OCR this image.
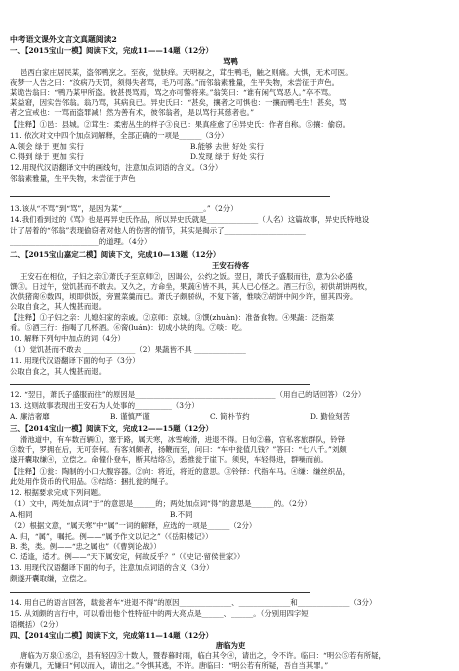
中考语文课外文言文真题阅读2
一、【2015宝山一模】阅读下文，完成11——14题（12分）
骂鸭
邑西白家庄居民某，盗邻鸭烹之。至夜，觉肤痒。天明视之，茸生鸭毛，触之则痛。大惧，无术可医。
夜梦一人告之曰：“汝病乃天罚，须得失者骂，毛乃可落。”而邻翁素雅量，生平失物，未尝征于声色。
某诡告翁曰：“鸭乃某甲所盗。彼甚畏骂焉，骂之亦可警将来。”翁笑曰：“谁有闲气骂恶人。”卒不骂。
某益窘，因实告邻翁。翁乃骂，其病良已。异史氏曰：“甚矣，攘者之可惧也：一攘而鸭毛生！甚矣，骂
者之宜戒也：一骂而盗罪减！然为善有术，彼邻翁者，是以骂行其慈者也。”
【注释】①邑：县城。②茸生：柔密丛生的样子③良已：果真痊愈了④异史氏：作者自称。⑤攘：偷窃。
11. 依次对文中四个加点词解释，全部正确的一项是______（3分）
A.领会 绿于 更加 实行	B.能够 去世 好处 实行
C.得到 绿于 更加 实行	D.发现 绿于 好处 实行
12.用现代汉语翻译文中的画线句，注意加点词语的含义。（3分）
邻翁素雅量，生平失物，未尝征于声色
13.该从“不骂”到“骂”，是因为某“______________________。”（2分）
14.我们看到过的《骂》也是再异史氏作品，所以异史氏就是______________（人名）这篇故事，异史氏特地设
计了居着的“邻翁”表现偷窃者对他人的伤害的情节，其实是揭示了______________________
________________________的道理。（4分）
二、【2015宝山嘉定二模】阅读下文，完成10—13题（12分）
王安石待客
王安石在相位，子妇之亲①萧氏子至京师②，因谒公，公约之饭。翌日，萧氏子盛服而往，意为公必盛
馔③。日过午，觉饥甚而不敢去。又久之，方命坐，果蔬④皆不具，其人已心怪之。酒三行⑤，初供胡饼两枚，
次供猪脔⑥数四，顷即供饭，旁置菜羹而已。萧氏子颇骄纵，不复下箸，惟啖⑦胡饼中间少许，留其四旁。
公取自食之，其人愧甚而退。
【注释】①子妇之亲：儿媳妇家的亲戚。②京师：京城。③馔(zhuàn)：准备食物。④果蔬：泛指菜
肴。⑤酒三行：指喝了几杯酒。⑥脔(luán)：切成小块的肉。⑦啖：吃。
10. 解释下列句中加点的词（4分）
（1）觉饥甚而不敢去 ______________（2）果蔬皆不具 ______________
11. 用现代汉语翻译下面的句子（3分）
公取自食之，其人愧甚而退。
12. “翌日，萧氏子盛服而往”的原因是______________________________________（用自己的话回答）（2分）
13. 这则故事表现出王安石为人处事的__________（3分）
A. 廉洁奢靡	B. 谨慎严谨	C. 简朴节约	D. 勤俭刻苦
三、【2014宝山一模】阅读下文，完成12——15题（12分）
滑池道中，有车数百辆①，塞于路，属天寒，冰雪峻滑，进退不得。日旬②暮，官私客旅群队，铃铎
③数千，罗拥在后，无可奈何。有客刘颇者，扬鞭而至，问曰：“车中瓮值几钱？”答曰：“七八千。”刘颇
遂开囊取缣④，立偿之。命僮仆登车，断其结络⑤，悉推瓮于崖下。须臾，车轻得进，群噪而前。
【注释】①瓮：陶制的小口大腹容器。②向：将近，将近的意思。③铃铎：代指车马。④缣：缣丝织品，
此处用作货币的代用品。⑤结络：捆扎瓮的绳子。
12. 根据要求完成下列问题。
（1）文中，两处加点词“于”的意思是______的；两处加点词“得”的意思是______的。（2分）
A.相同	B.不同
（2）根据文意，“属天寒”中“属”一词的解释，应选的一项是______（2分）
A. 归，“属”，嘱托。例——“属予作文以记之”（《岳阳楼记》）
B. 类，类。例——“忠之属也”（《曹刿论战》）
C. 适逢，适才。例——“天下属安定，何故反乎？”（《史记·留侯世家》）
13. 用现代汉语翻译下面的句子，注意加点词语的含义（3分）
颇遂开囊取缣，立偿之。
14. 用自己的语言回答，载瓮者车“进退不得”的原因______________、______________和______________（3分）
15. 从刘颇的言行中，可以看出他个性特征中的两大亮点是______、______。（分别用四字短
语概括）（2分）
四、【2014宝山二模】阅读下文，完成第11—14题（12分）
唐临为吏
唐临为万泉①丞②，县有轻囚③十数人，暨春暮时雨，临白其令④，请出之，令不许。临曰：“明公⑤若有所疑，
亦有嫌几，无嫌曰“何以而入，请出之。”令惧其逃，不许。唐临曰：“明公若有所疑，吾自当其罪。”
